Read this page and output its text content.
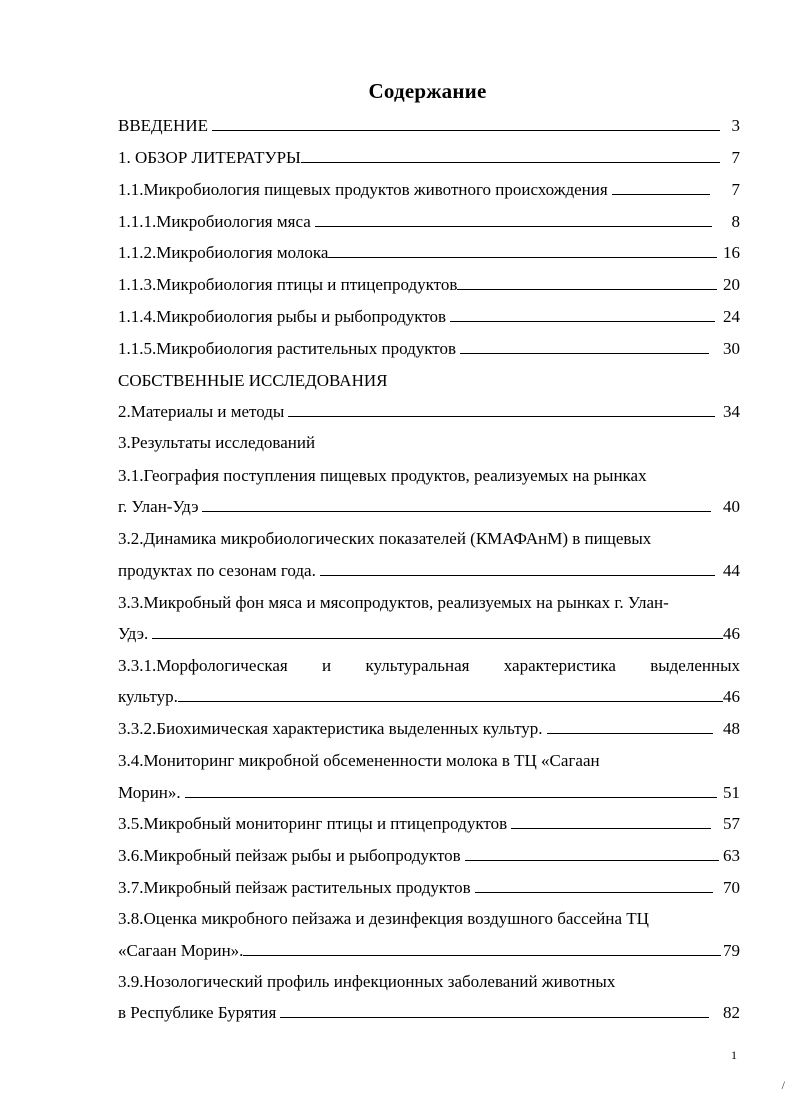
Содержание
ВВЕДЕНИЕ	3
1. ОБЗОР ЛИТЕРАТУРЫ	7
1.1.Микробиология пищевых продуктов животного происхождения	7
1.1.1.Микробиология мяса	8
1.1.2.Микробиология молока	16
1.1.3.Микробиология птицы и птицепродуктов	20
1.1.4.Микробиология рыбы и рыбопродуктов	24
1.1.5.Микробиология растительных продуктов	30
СОБСТВЕННЫЕ ИССЛЕДОВАНИЯ
2.Материалы и методы	34
3.Результаты исследований
3.1.География поступления пищевых продуктов, реализуемых на рынках
г. Улан-Удэ	40
3.2.Динамика микробиологических показателей (КМАФАнМ) в пищевых
продуктах по сезонам года.	44
3.3.Микробный фон мяса и мясопродуктов, реализуемых на рынках г. Улан-
Удэ.	46
3.3.1.Морфологическая и культуральная характеристика выделенных
культур.	46
3.3.2.Биохимическая характеристика выделенных культур.	48
3.4.Мониторинг микробной обсемененности молока в ТЦ «Сагаан
Морин».	51
3.5.Микробный мониторинг птицы и птицепродуктов	57
3.6.Микробный пейзаж рыбы и рыбопродуктов	63
3.7.Микробный пейзаж растительных продуктов	70
3.8.Оценка микробного пейзажа и дезинфекция воздушного бассейна ТЦ
«Сагаан Морин».	79
3.9.Нозологический профиль инфекционных заболеваний животных
в Республике Бурятия	82
1
/
